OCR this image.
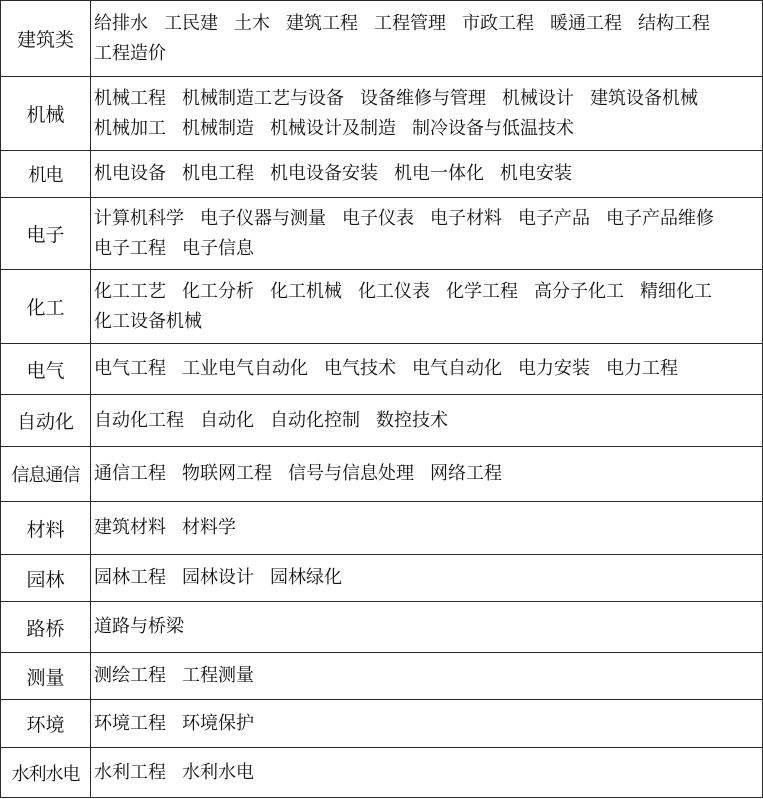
建筑类	给排水 工民建 土木 建筑工程 工程管理 市政工程 暖通工程 结构工程工程造价
机械	机械工程 机械制造工艺与设备 设备维修与管理 机械设计 建筑设备机械机械加工 机械制造 机械设计及制造 制冷设备与低温技术
机电	机电设备 机电工程 机电设备安装 机电一体化 机电安装
电子	计算机科学 电子仪器与测量 电子仪表 电子材料 电子产品 电子产品维修电子工程 电子信息
化工	化工工艺 化工分析 化工机械 化工仪表 化学工程 高分子化工 精细化工化工设备机械
电气	电气工程 工业电气自动化 电气技术 电气自动化 电力安装 电力工程
自动化	自动化工程 自动化 自动化控制 数控技术
信息通信	通信工程 物联网工程 信号与信息处理 网络工程
材料	建筑材料 材料学
园林	园林工程 园林设计 园林绿化
路桥	道路与桥梁
测量	测绘工程 工程测量
环境	环境工程 环境保护
水利水电	水利工程 水利水电
